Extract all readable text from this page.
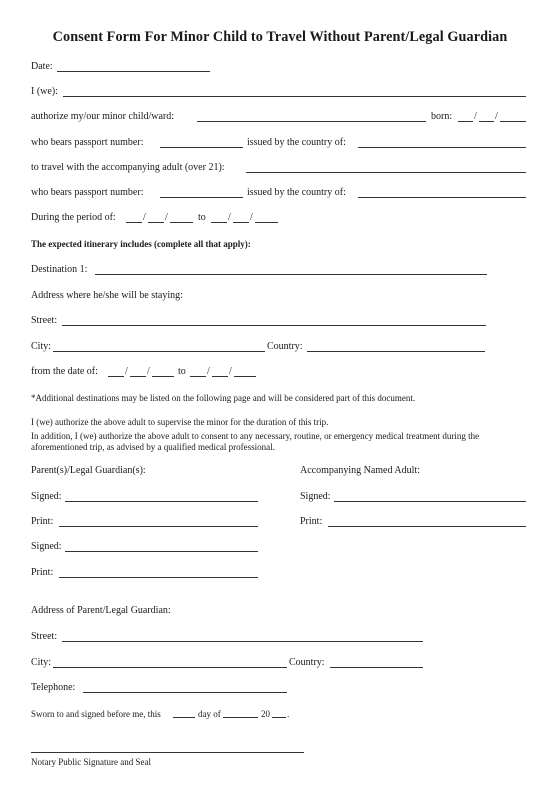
Consent Form For Minor Child to Travel Without Parent/Legal Guardian
Date:
I (we):
authorize my/our minor child/ward:	born: / /
who bears passport number:	issued by the country of:
to travel with the accompanying adult (over 21):
who bears passport number:	issued by the country of:
During the period of:	/ /	to / /
The expected itinerary includes (complete all that apply):
Destination 1:
Address where he/she will be staying:
Street:
City:	Country:
from the date of:	/ /	to / /
*Additional destinations may be listed on the following page and will be considered part of this document.
I (we) authorize the above adult to supervise the minor for the duration of this trip.
In addition, I (we) authorize the above adult to consent to any necessary, routine, or emergency medical treatment during the
aforementioned trip, as advised by a qualified medical professional.
Parent(s)/Legal Guardian(s):	Accompanying Named Adult:
Signed:	Signed:
Print:	Print:
Signed:
Print:
Address of Parent/Legal Guardian:
Street:
City:	Country:
Telephone:
Sworn to and signed before me, this	day of	20 .
Notary Public Signature and Seal
